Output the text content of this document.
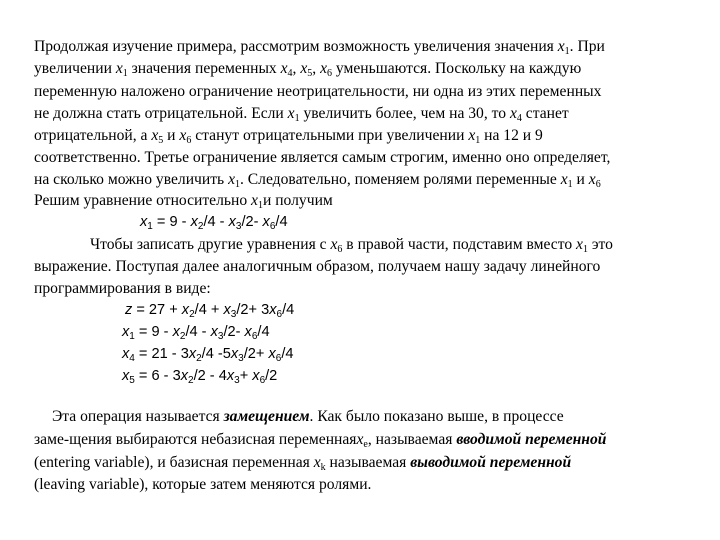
Продолжая изучение примера, рассмотрим возможность увеличения значения $x_1$. При
увеличении $x_1$ значения переменных $x_4$, $x_5$, $x_6$ уменьшаются. Поскольку на каждую
переменную наложено ограничение неотрицательности, ни одна из этих переменных
не должна стать отрицательной. Если $x_1$ увеличить более, чем на 30, то $x_4$ станет
отрицательной, а $x_5$ и $x_6$ станут отрицательными при увеличении $x_1$ на 12 и 9
соответственно. Третье ограничение является самым строгим, именно оно определяет,
на сколько можно увеличить $x_1$. Следовательно, поменяем ролями переменные $x_1$ и $x_6$
Решим уравнение относительно $x_1и$ получим
$x_1 = 9 - x_2/4 - x_3/2-$ $x_6/4$
Чтобы записать другие уравнения с $x_6$ в правой части, подставим вместо $x_1$ это
выражение. Поступая далее аналогичным образом, получаем нашу задачу линейного
программирования в виде:
$z = 27 + x_2/4 + x_3/2+ 3x_6/4$
$x_1 = 9 - x_2/4 - x_3/2-$ $x_6/4$
$x_4 = 21 - 3x_2/4$ $-5x_3/2+ x_6/4$
$x_5 = 6 - 3x_2/2 - 4x_3+ x_6/2$
Эта операция называется замещением. Как было показано выше, в процессе
заме-щения выбираются небазисная переменнаяx$_e$, называемая вводимой переменной
(entering variable), и базисная переменная $x_k$ называемая выводимой переменной
(leaving variable), которые затем меняются ролями.
